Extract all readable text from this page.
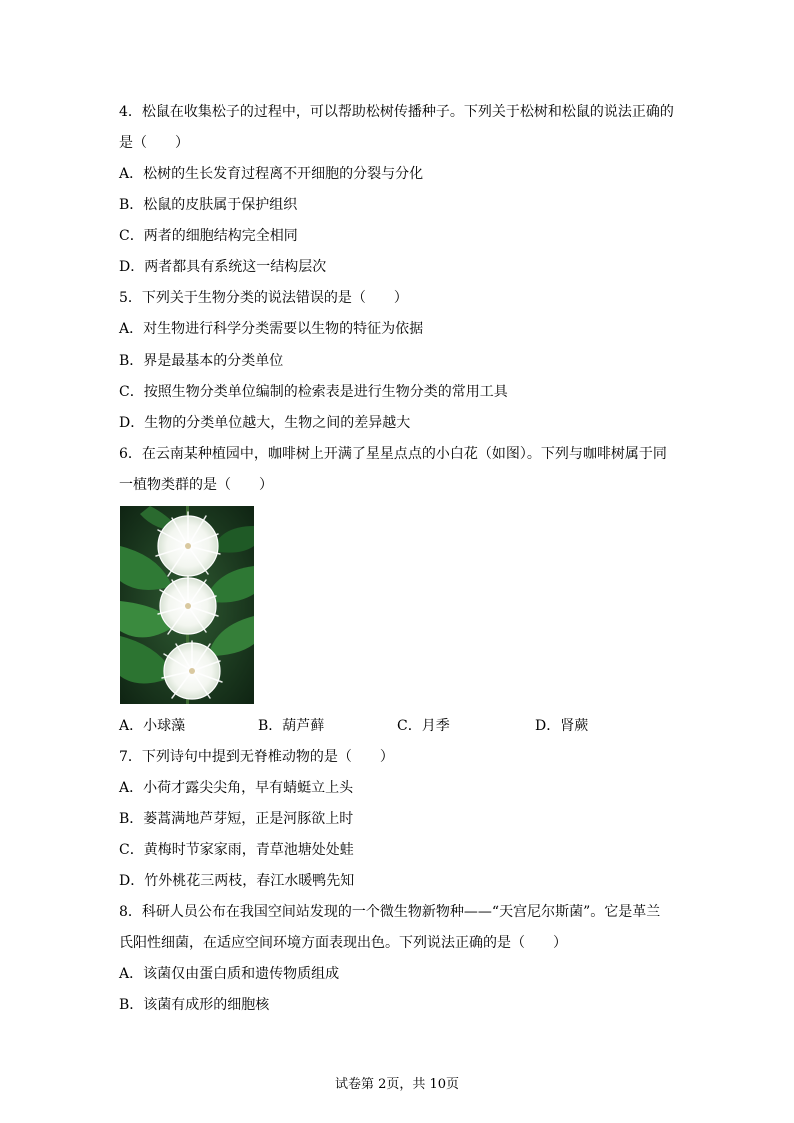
4．松鼠在收集松子的过程中，可以帮助松树传播种子。下列关于松树和松鼠的说法正确的
是（　　）
A．松树的生长发育过程离不开细胞的分裂与分化
B．松鼠的皮肤属于保护组织
C．两者的细胞结构完全相同
D．两者都具有系统这一结构层次
5．下列关于生物分类的说法错误的是（　　）
A．对生物进行科学分类需要以生物的特征为依据
B．界是最基本的分类单位
C．按照生物分类单位编制的检索表是进行生物分类的常用工具
D．生物的分类单位越大，生物之间的差异越大
6．在云南某种植园中，咖啡树上开满了星星点点的小白花（如图）。下列与咖啡树属于同
一植物类群的是（　　）
A．小球藻	B．葫芦藓	C．月季	D．肾蕨
7．下列诗句中提到无脊椎动物的是（　　）
A．小荷才露尖尖角，早有蜻蜓立上头
B．蒌蒿满地芦芽短，正是河豚欲上时
C．黄梅时节家家雨，青草池塘处处蛙
D．竹外桃花三两枝，春江水暖鸭先知
8．科研人员公布在我国空间站发现的一个微生物新物种——“天宫尼尔斯菌”。它是革兰
氏阳性细菌，在适应空间环境方面表现出色。下列说法正确的是（　　）
A．该菌仅由蛋白质和遗传物质组成
B．该菌有成形的细胞核
试卷第 2页，共 10页
